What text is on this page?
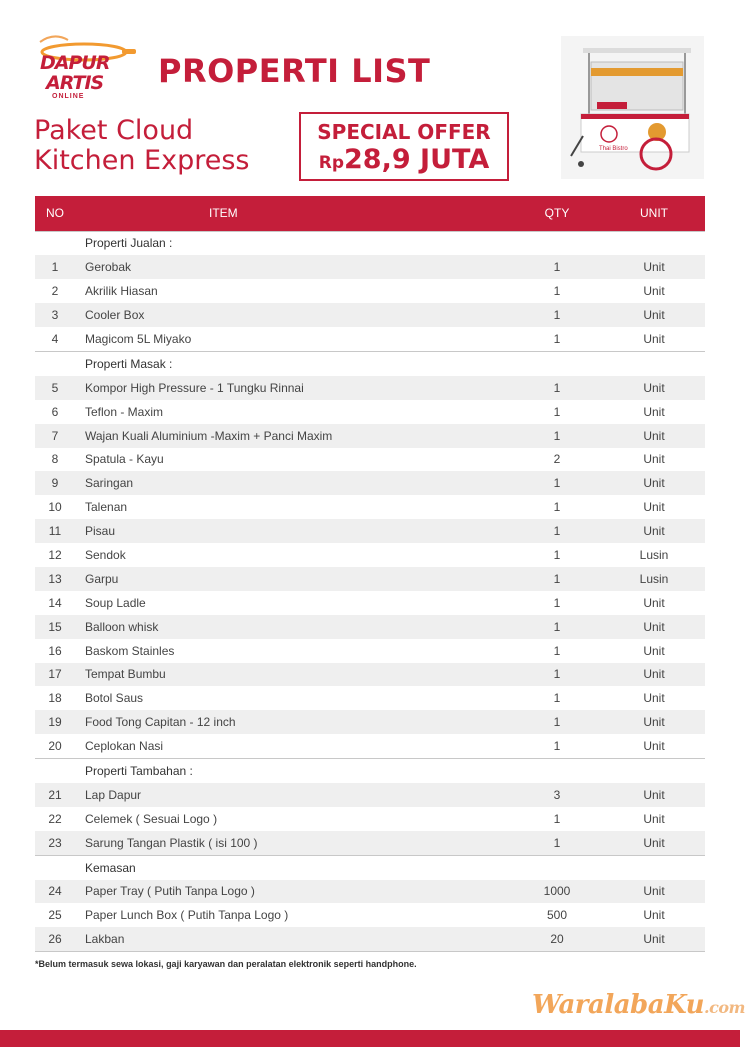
DAPUR
ARTIS
ONLINE
PROPERTI LIST
Paket Cloud
Kitchen Express
SPECIAL OFFER
Rp28,9 JUTA	Thai Bistro
NO	ITEM	QTY	UNIT
	Properti Jualan :		
1	Gerobak	1	Unit
2	Akrilik Hiasan	1	Unit
3	Cooler Box	1	Unit
4	Magicom 5L Miyako	1	Unit
	Properti Masak :		
5	Kompor High Pressure - 1 Tungku Rinnai	1	Unit
6	Teflon - Maxim	1	Unit
7	Wajan Kuali Aluminium -Maxim + Panci Maxim	1	Unit
8	Spatula - Kayu	2	Unit
9	Saringan	1	Unit
10	Talenan	1	Unit
11	Pisau	1	Unit
12	Sendok	1	Lusin
13	Garpu	1	Lusin
14	Soup Ladle	1	Unit
15	Balloon whisk	1	Unit
16	Baskom Stainles	1	Unit
17	Tempat Bumbu	1	Unit
18	Botol Saus	1	Unit
19	Food Tong Capitan - 12 inch	1	Unit
20	Ceplokan Nasi	1	Unit
	Properti Tambahan :		
21	Lap Dapur	3	Unit
22	Celemek ( Sesuai Logo )	1	Unit
23	Sarung Tangan Plastik ( isi 100 )	1	Unit
	Kemasan		
24	Paper Tray ( Putih Tanpa Logo )	1000	Unit
25	Paper Lunch Box ( Putih Tanpa Logo )	500	Unit
26	Lakban	20	Unit
*Belum termasuk sewa lokasi, gaji karyawan dan peralatan elektronik seperti handphone.
WaralabaKu.com
